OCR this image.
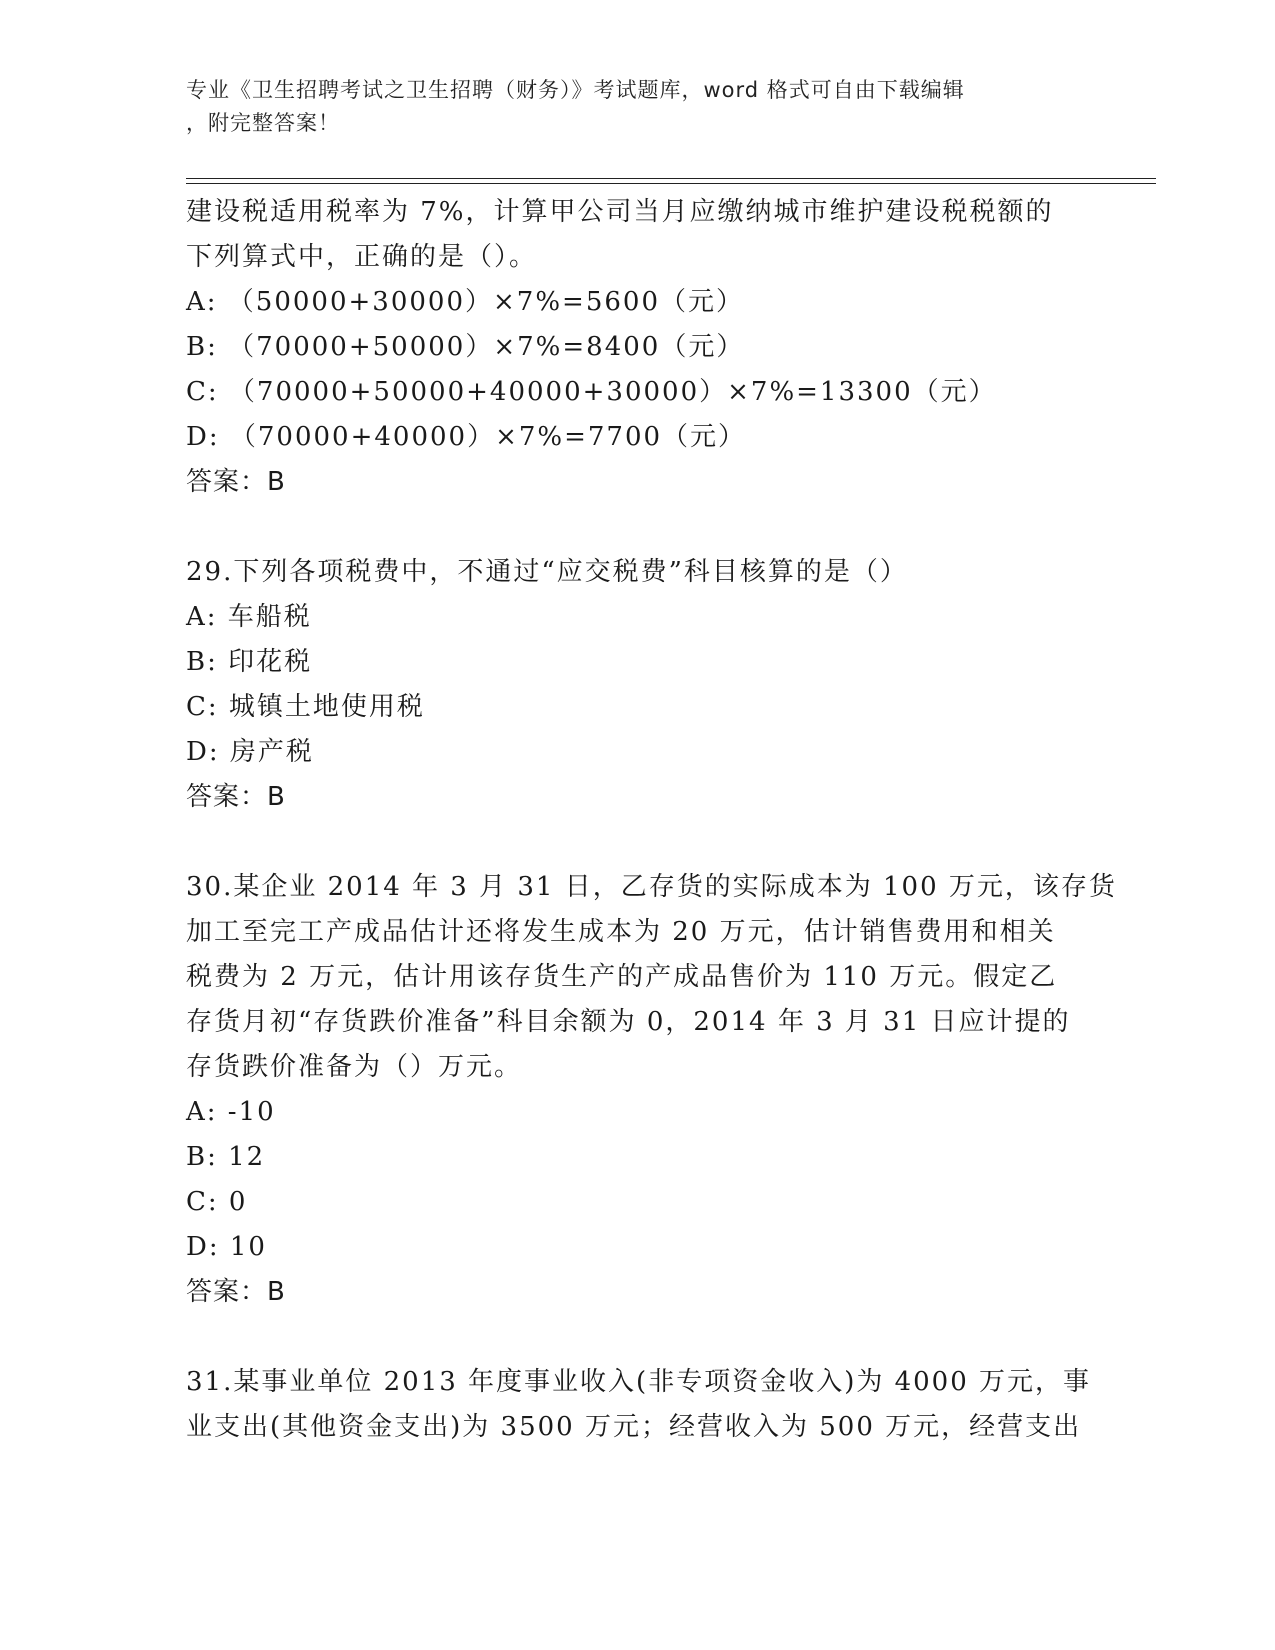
专业《卫生招聘考试之卫生招聘（财务）》考试题库，word 格式可自由下载编辑
，附完整答案！
建设税适用税率为 7%，计算甲公司当月应缴纳城市维护建设税税额的
下列算式中，正确的是（）。
A: （50000+30000）×7%=5600（元）
B: （70000+50000）×7%=8400（元）
C: （70000+50000+40000+30000）×7%=13300（元）
D: （70000+40000）×7%=7700（元）
答案：B
29.下列各项税费中，不通过“应交税费”科目核算的是（）
A: 车船税
B: 印花税
C: 城镇土地使用税
D: 房产税
答案：B
30.某企业 2014 年 3 月 31 日，乙存货的实际成本为 100 万元，该存货
加工至完工产成品估计还将发生成本为 20 万元，估计销售费用和相关
税费为 2 万元，估计用该存货生产的产成品售价为 110 万元。假定乙
存货月初“存货跌价准备”科目余额为 0，2014 年 3 月 31 日应计提的
存货跌价准备为（）万元。
A: -10
B: 12
C: 0
D: 10
答案：B
31.某事业单位 2013 年度事业收入(非专项资金收入)为 4000 万元，事
业支出(其他资金支出)为 3500 万元；经营收入为 500 万元，经营支出
